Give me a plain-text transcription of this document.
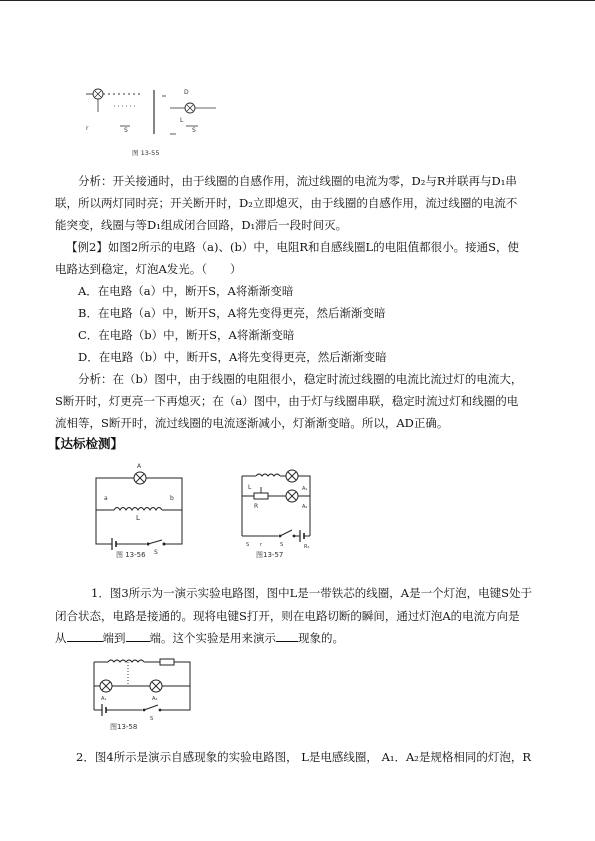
D
S	S
r
L
图 13-55
分析：开关接通时，由于线圈的自感作用，流过线圈的电流为零，D₂与R并联再与D₁串
联，所以两灯同时亮；开关断开时，D₂立即熄灭，由于线圈的自感作用，流过线圈的电流不
能突变，线圈与等D₁组成闭合回路，D₁滞后一段时间灭。
【例2】如图2所示的电路（a)、(b）中，电阻R和自感线圈L的电阻值都很小。接通S，使
电路达到稳定，灯泡A发光。（　　）
A．在电路（a）中，断开S，A将渐渐变暗
B．在电路（a）中，断开S，A将先变得更亮，然后渐渐变暗
C．在电路（b）中，断开S，A将渐渐变暗
D．在电路（b）中，断开S，A将先变得更亮，然后渐渐变暗
分析：在（b）图中，由于线圈的电阻很小，稳定时流过线圈的电流比流过灯的电流大，
S断开时，灯更亮一下再熄灭；在（a）图中，由于灯与线圈串联，稳定时流过灯和线圈的电
流相等，S断开时，流过线圈的电流逐渐减小，灯渐渐变暗。所以，AD正确。
【达标检测】
A
L
a	b
S
图 13-56
A₁
L
R	A₂
S r	S	R₁
图13-57
1．图3所示为一演示实验电路图，图中L是一带铁芯的线圈，A是一个灯泡，电键S处于
闭合状态，电路是接通的。现将电键S打开，则在电路切断的瞬间，通过灯泡A的电流方向是
从	端到 端。这个实验是用来演示 现象的。
A₁	A₂
S
图13-58
2．图4所示是演示自感现象的实验电路图， L是电感线圈， A₁．A₂是规格相同的灯泡，R
